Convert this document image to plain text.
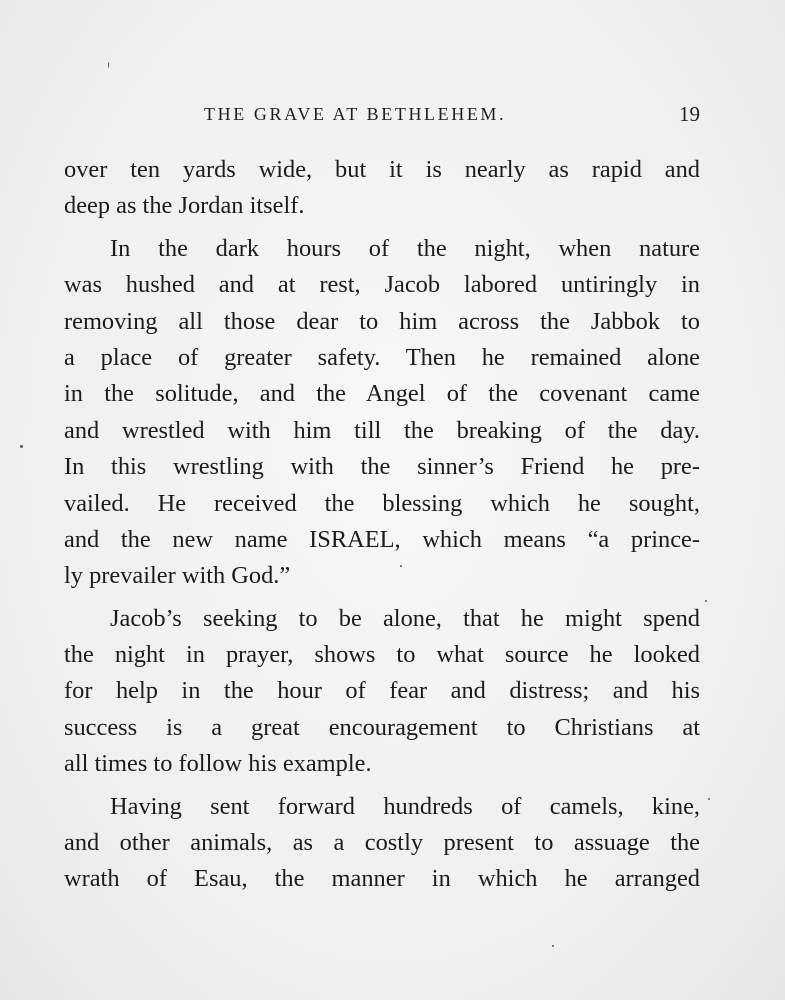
THE GRAVE AT BETHLEHEM.	19
over ten yards wide, but it is nearly as rapid and
deep as the Jordan itself.
In the dark hours of the night, when nature
was hushed and at rest, Jacob labored untiringly in
removing all those dear to him across the Jabbok to
a place of greater safety. Then he remained alone
in the solitude, and the Angel of the covenant came
and wrestled with him till the breaking of the day.
In this wrestling with the sinner’s Friend he pre-
vailed. He received the blessing which he sought,
and the new name ISRAEL, which means “a prince-
ly prevailer with God.”
Jacob’s seeking to be alone, that he might spend
the night in prayer, shows to what source he looked
for help in the hour of fear and distress; and his
success is a great encouragement to Christians at
all times to follow his example.
Having sent forward hundreds of camels, kine,
and other animals, as a costly present to assuage the
wrath of Esau, the manner in which he arranged
